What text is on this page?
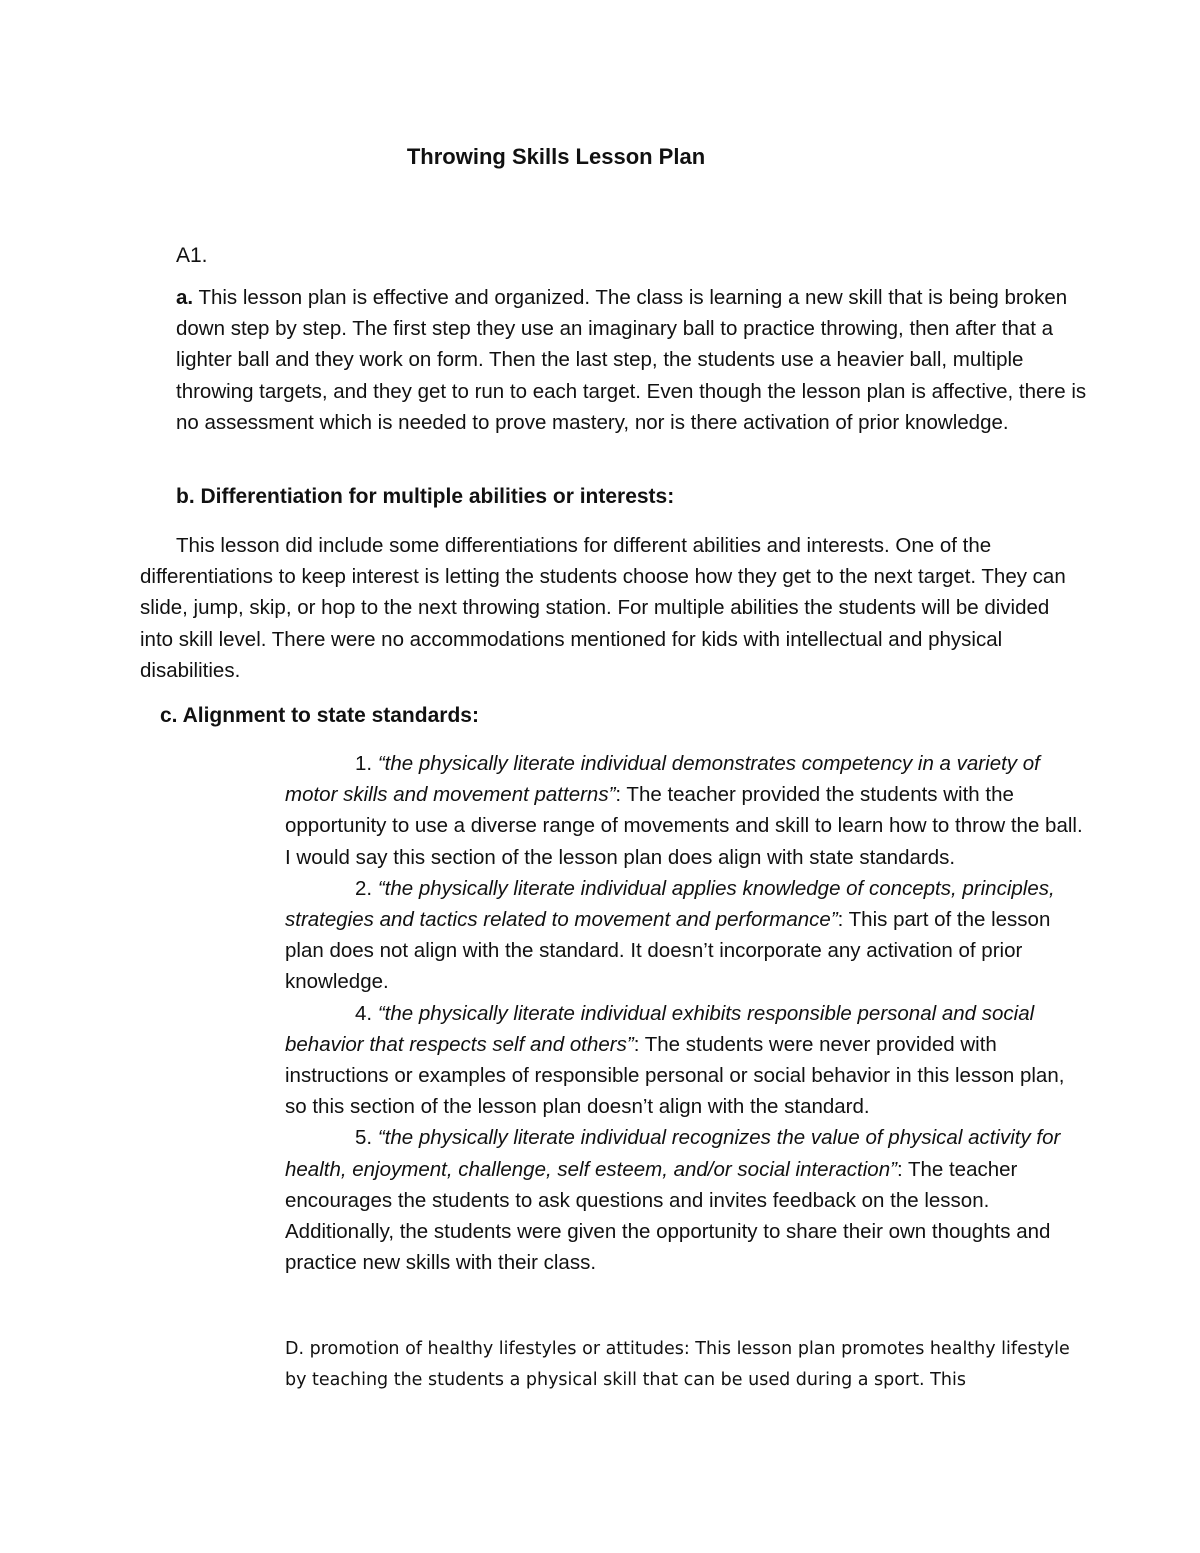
Throwing Skills Lesson Plan
A1.

a. This lesson plan is effective and organized. The class is learning a new skill that is being broken down step by step. The first step they use an imaginary ball to practice throwing, then after that a lighter ball and they work on form. Then the last step, the students use a heavier ball, multiple throwing targets, and they get to run to each target. Even though the lesson plan is affective, there is no assessment which is needed to prove mastery, nor is there activation of prior knowledge.

b. Differentiation for multiple abilities or interests:

This lesson did include some differentiations for different abilities and interests. One of the differentiations to keep interest is letting the students choose how they get to the next target. They can slide, jump, skip, or hop to the next throwing station. For multiple abilities the students will be divided into skill level. There were no accommodations mentioned for kids with intellectual and physical disabilities.

c. Alignment to state standards:

1. “the physically literate individual demonstrates competency in a variety of motor skills and movement patterns”: The teacher provided the students with the opportunity to use a diverse range of movements and skill to learn how to throw the ball. I would say this section of the lesson plan does align with state standards.

2. “the physically literate individual applies knowledge of concepts, principles, strategies and tactics related to movement and performance”: This part of the lesson plan does not align with the standard. It doesn’t incorporate any activation of prior knowledge.

4. “the physically literate individual exhibits responsible personal and social behavior that respects self and others”: The students were never provided with instructions or examples of responsible personal or social behavior in this lesson plan, so this section of the lesson plan doesn’t align with the standard.

5. “the physically literate individual recognizes the value of physical activity for health, enjoyment, challenge, self esteem, and/or social interaction”: The teacher encourages the students to ask questions and invites feedback on the lesson. Additionally, the students were given the opportunity to share their own thoughts and practice new skills with their class.

D. promotion of healthy lifestyles or attitudes: This lesson plan promotes healthy lifestyle by teaching the students a physical skill that can be used during a sport. This
